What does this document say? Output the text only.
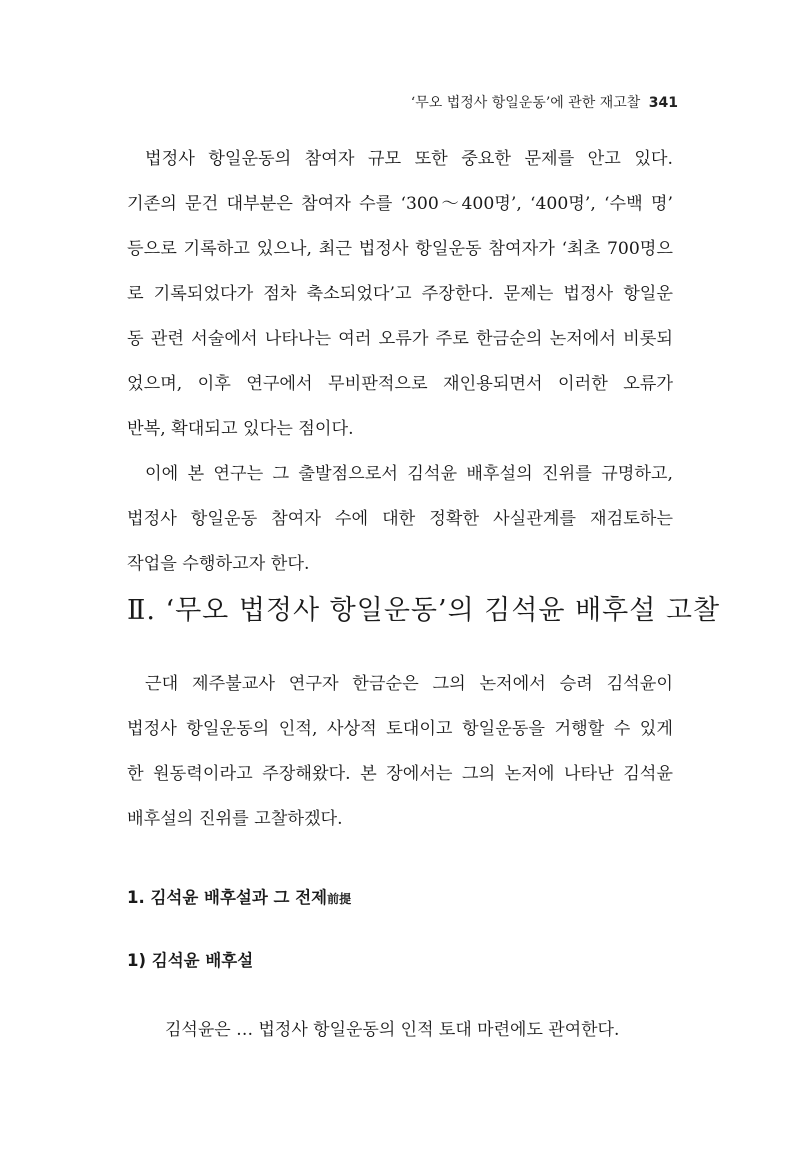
‘무오 법정사 항일운동’에 관한 재고찰 341
법정사 항일운동의 참여자 규모 또한 중요한 문제를 안고 있다.
기존의 문건 대부분은 참여자 수를 ‘300～400명’, ‘400명’, ‘수백 명’
등으로 기록하고 있으나, 최근 법정사 항일운동 참여자가 ‘최초 700명으
로 기록되었다가 점차 축소되었다’고 주장한다. 문제는 법정사 항일운
동 관련 서술에서 나타나는 여러 오류가 주로 한금순의 논저에서 비롯되
었으며, 이후 연구에서 무비판적으로 재인용되면서 이러한 오류가
반복, 확대되고 있다는 점이다.
이에 본 연구는 그 출발점으로서 김석윤 배후설의 진위를 규명하고,
법정사 항일운동 참여자 수에 대한 정확한 사실관계를 재검토하는
작업을 수행하고자 한다.
Ⅱ. ‘무오 법정사 항일운동’의 김석윤 배후설 고찰
근대 제주불교사 연구자 한금순은 그의 논저에서 승려 김석윤이
법정사 항일운동의 인적, 사상적 토대이고 항일운동을 거행할 수 있게
한 원동력이라고 주장해왔다. 본 장에서는 그의 논저에 나타난 김석윤
배후설의 진위를 고찰하겠다.
1. 김석윤 배후설과 그 전제前提
1) 김석윤 배후설
김석윤은 … 법정사 항일운동의 인적 토대 마련에도 관여한다.
